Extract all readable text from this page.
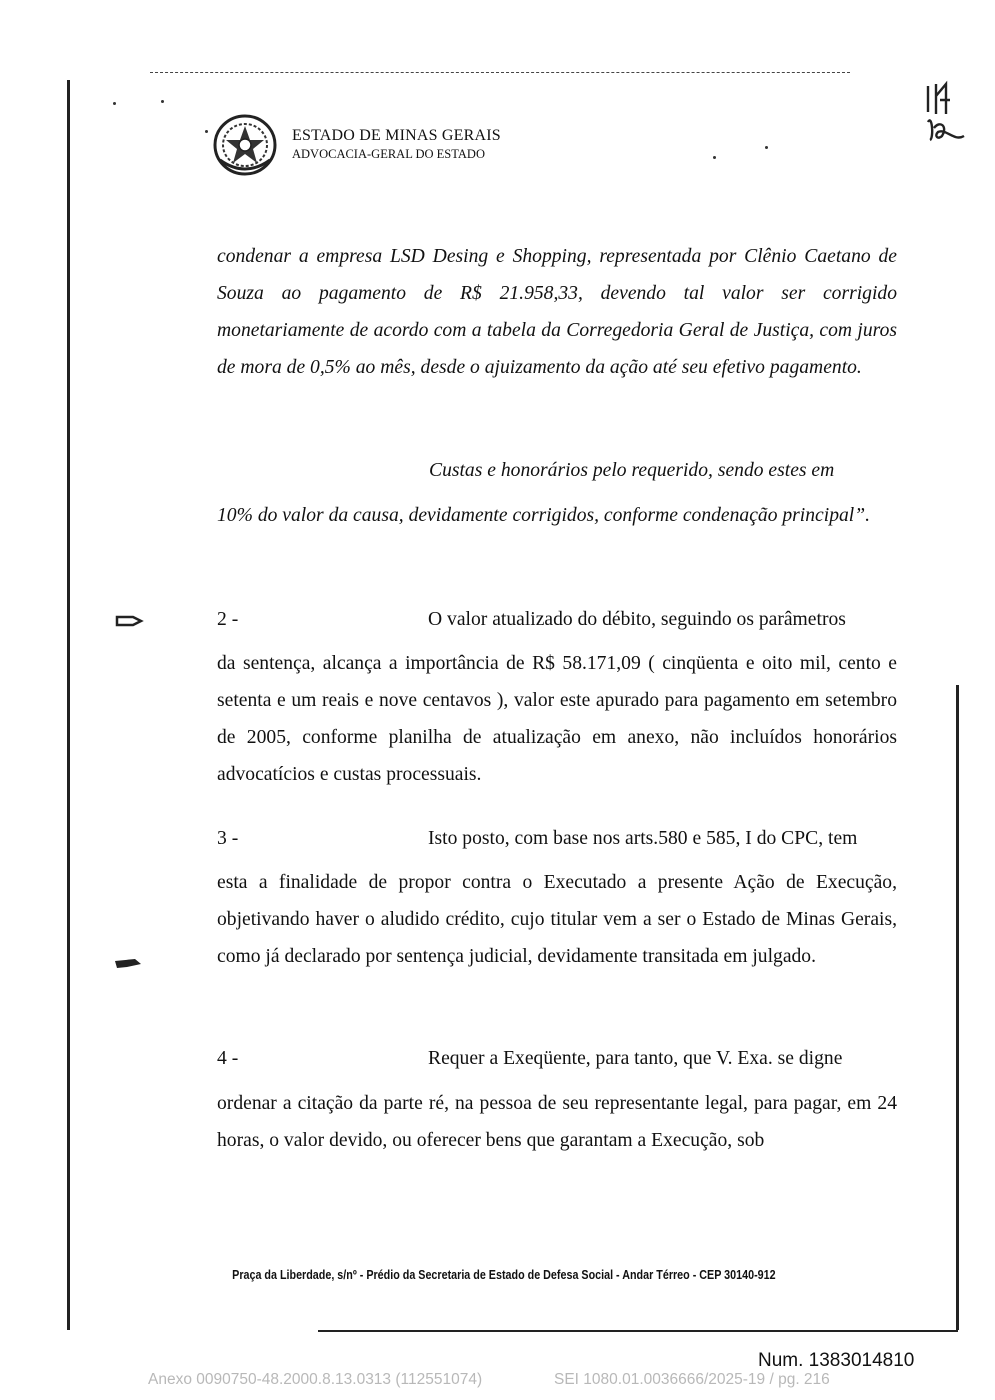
ESTADO DE MINAS GERAIS
ADVOCACIA-GERAL DO ESTADO
condenar a empresa LSD Desing e Shopping, representada por Clênio Caetano de Souza ao pagamento de R$ 21.958,33, devendo tal valor ser corrigido monetariamente de acordo com a tabela da Corregedoria Geral de Justiça, com juros de mora de 0,5% ao mês, desde o ajuizamento da ação até seu efetivo pagamento.
Custas e honorários pelo requerido, sendo estes em
10% do valor da causa, devidamente corrigidos, conforme condenação principal”.
2 -	O valor atualizado do débito, seguindo os parâmetros
da sentença, alcança a importância de R$ 58.171,09 ( cinqüenta e oito mil, cento e setenta e um reais e nove centavos ), valor este apurado para pagamento em setembro de 2005, conforme planilha de atualização em anexo, não incluídos honorários advocatícios e custas processuais.
3 -	Isto posto, com base nos arts.580 e 585, I do CPC, tem
esta a finalidade de propor contra o Executado a presente Ação de Execução, objetivando haver o aludido crédito, cujo titular vem a ser o Estado de Minas Gerais, como já declarado por sentença judicial, devidamente transitada em julgado.
4 -	Requer a Exeqüente, para tanto, que V. Exa. se digne
ordenar a citação da parte ré, na pessoa de seu representante legal, para pagar, em 24 horas, o valor devido, ou oferecer bens que garantam a Execução, sob
Praça da Liberdade, s/nº - Prédio da Secretaria de Estado de Defesa Social - Andar Térreo - CEP 30140-912
Num. 1383014810
Anexo 0090750-48.2000.8.13.0313 (112551074)	SEI 1080.01.0036666/2025-19 / pg. 216
